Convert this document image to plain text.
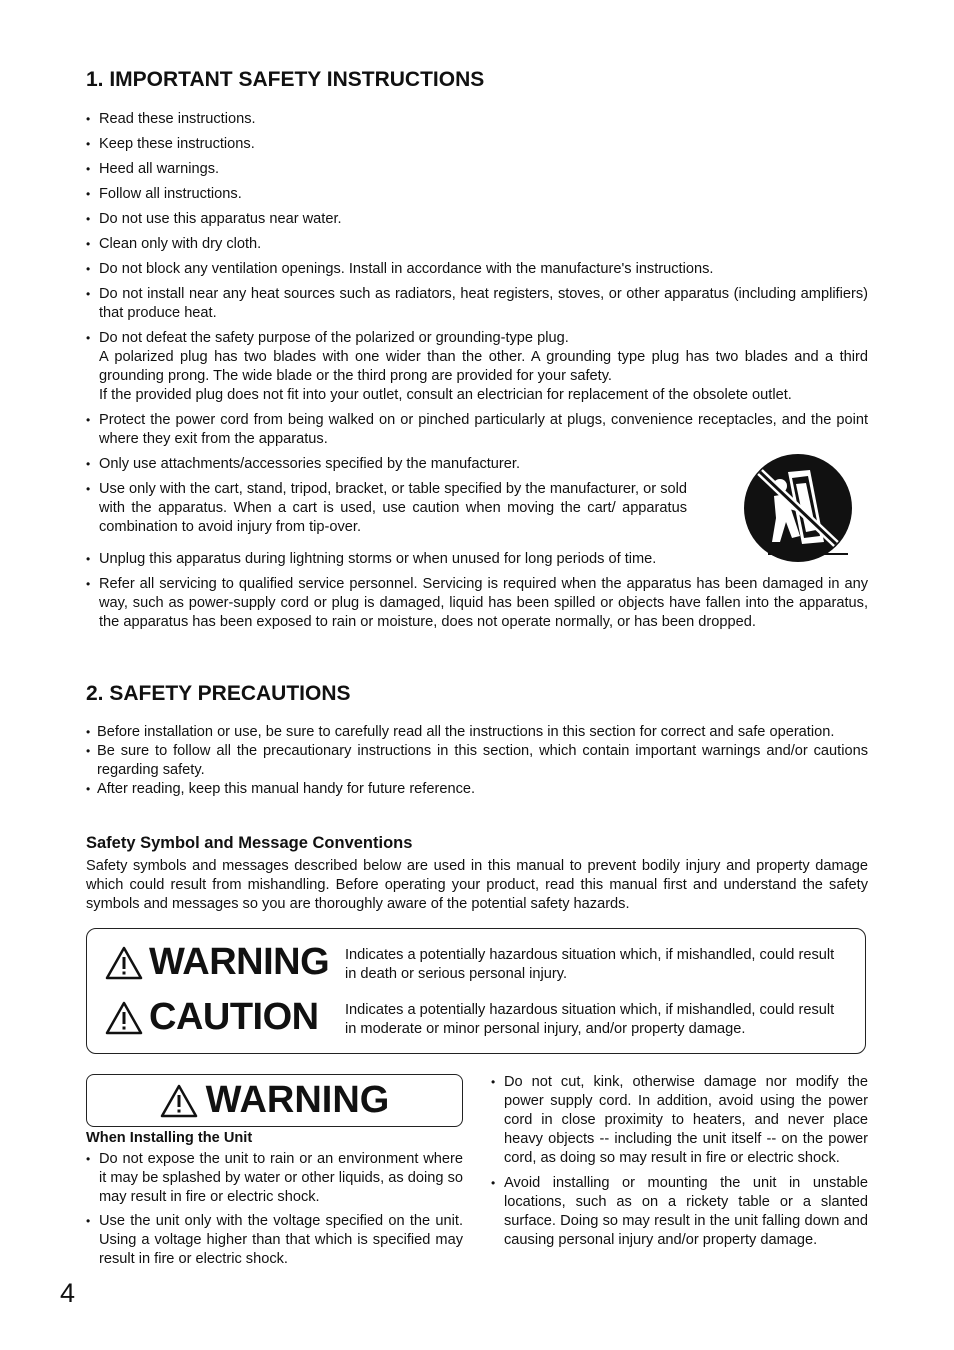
1. IMPORTANT SAFETY INSTRUCTIONS
• Read these instructions.
• Keep these instructions.
• Heed all warnings.
• Follow all instructions.
• Do not use this apparatus near water.
• Clean only with dry cloth.
• Do not block any ventilation openings. Install in accordance with the manufacture's instructions.
• Do not install near any heat sources such as radiators, heat registers, stoves, or other apparatus (including amplifiers) that produce heat.
• Do not defeat the safety purpose of the polarized or grounding-type plug.
A polarized plug has two blades with one wider than the other. A grounding type plug has two blades and a third grounding prong. The wide blade or the third prong are provided for your safety.
If the provided plug does not fit into your outlet, consult an electrician for replacement of the obsolete outlet.
• Protect the power cord from being walked on or pinched particularly at plugs, convenience receptacles, and the point where they exit from the apparatus.
• Only use attachments/accessories specified by the manufacturer.
• Use only with the cart, stand, tripod, bracket, or table specified by the manufacturer, or sold with the apparatus. When a cart is used, use caution when moving the cart/ apparatus combination to avoid injury from tip-over.
• Unplug this apparatus during lightning storms or when unused for long periods of time.
• Refer all servicing to qualified service personnel. Servicing is required when the apparatus has been damaged in any way, such as power-supply cord or plug is damaged, liquid has been spilled or objects have fallen into the apparatus, the apparatus has been exposed to rain or moisture, does not operate normally, or has been dropped.
2. SAFETY PRECAUTIONS
• Before installation or use, be sure to carefully read all the instructions in this section for correct and safe operation.
• Be sure to follow all the precautionary instructions in this section, which contain important warnings and/or cautions regarding safety.
• After reading, keep this manual handy for future reference.
Safety Symbol and Message Conventions

Safety symbols and messages described below are used in this manual to prevent bodily injury and property damage which could result from mishandling. Before operating your product, read this manual first and understand the safety symbols and messages so you are thoroughly aware of the potential safety hazards.

WARNING Indicates a potentially hazardous situation which, if mishandled, could result in death or serious personal injury.
CAUTION Indicates a potentially hazardous situation which, if mishandled, could result in moderate or minor personal injury, and/or property damage.
WARNING
When Installing the Unit
• Do not expose the unit to rain or an environment where it may be splashed by water or other liquids, as doing so may result in fire or electric shock.
• Use the unit only with the voltage specified on the unit. Using a voltage higher than that which is specified may result in fire or electric shock.
• Do not cut, kink, otherwise damage nor modify the power supply cord. In addition, avoid using the power cord in close proximity to heaters, and never place heavy objects -- including the unit itself -- on the power cord, as doing so may result in fire or electric shock.
• Avoid installing or mounting the unit in unstable locations, such as on a rickety table or a slanted surface. Doing so may result in the unit falling down and causing personal injury and/or property damage.
4
